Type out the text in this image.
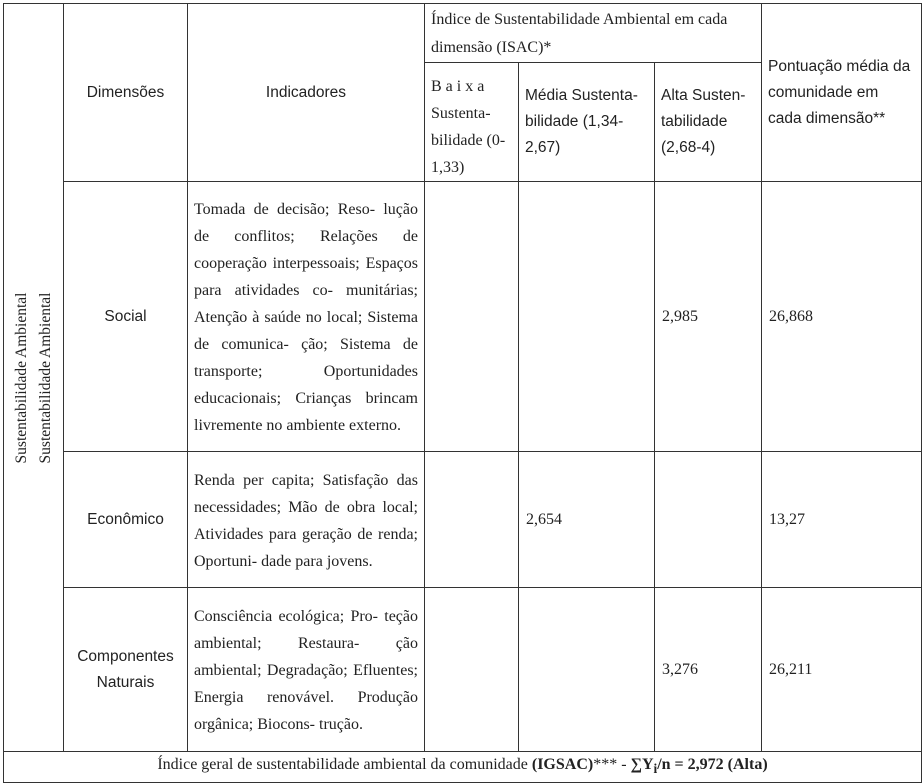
Sustentabilidade Ambiental Sustentabilidade Ambiental	Dimensões	Indicadores	Índice de Sustentabilidade Ambiental em cada dimensão (ISAC)*			Pontuação média da comunidade em cada dimensão**
			B a i x a Sustenta- bilidade (0-1,33)	Média Sustenta- bilidade (1,34-2,67)	Alta Susten- tabilidade (2,68-4)	
	Social	Tomada de decisão; Reso- lução de conflitos; Relações de cooperação interpessoais; Espaços para atividades co- munitárias; Atenção à saúde no local; Sistema de comunica- ção; Sistema de transporte; Oportunidades educacionais; Crianças brincam livremente no ambiente externo.			2,985	26,868
	Econômico	Renda per capita; Satisfação das necessidades; Mão de obra local; Atividades para geração de renda; Oportuni- dade para jovens.		2,654		13,27
	Componentes Naturais	Consciência ecológica; Pro- teção ambiental; Restaura- ção ambiental; Degradação; Efluentes; Energia renovável. Produção orgânica; Biocons- trução.			3,276	26,211
Índice geral de sustentabilidade ambiental da comunidade (IGSAC)*** - $\sum Y_i/n = 2,972$ (Alta)						
